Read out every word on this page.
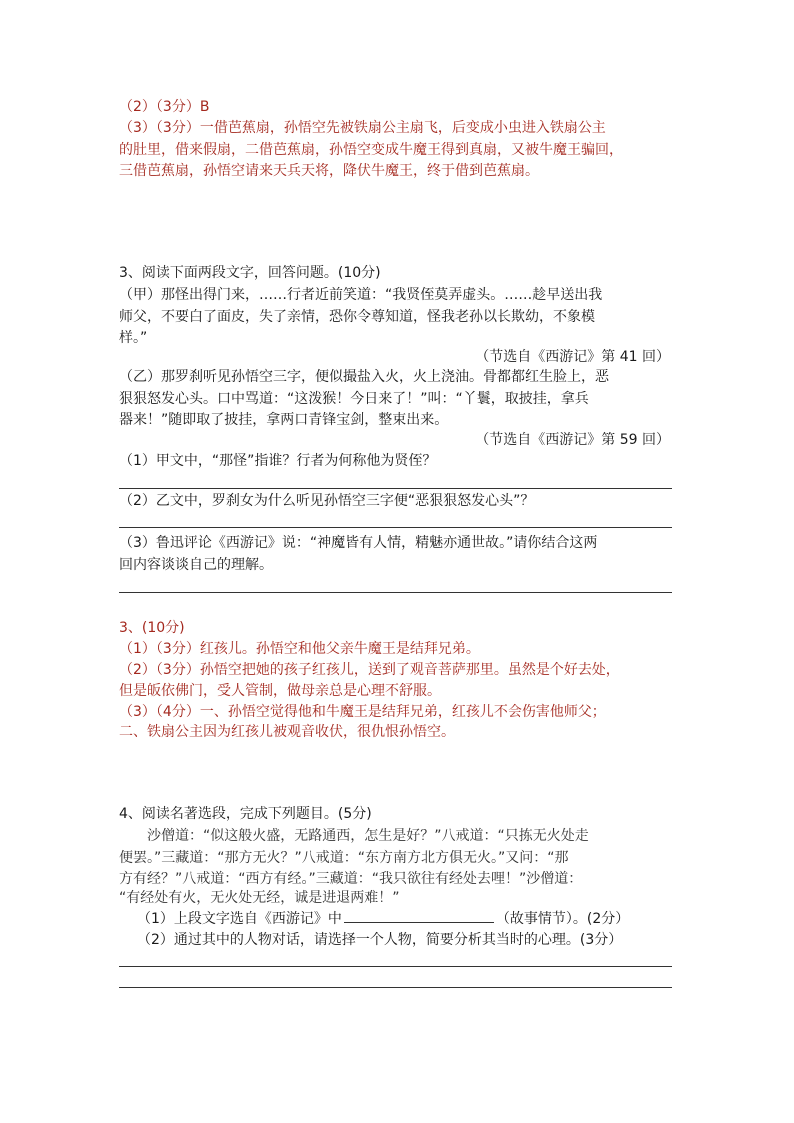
（2）（3分）B
（3）（3分）一借芭蕉扇，孙悟空先被铁扇公主扇飞，后变成小虫进入铁扇公主
的肚里，借来假扇，二借芭蕉扇，孙悟空变成牛魔王得到真扇，又被牛魔王骗回，
三借芭蕉扇，孙悟空请来天兵天将，降伏牛魔王，终于借到芭蕉扇。
3、阅读下面两段文字，回答问题。(10分)
（甲）那怪出得门来，……行者近前笑道：“我贤侄莫弄虚头。……趁早送出我
师父，不要白了面皮，失了亲情，恐你令尊知道，怪我老孙以长欺幼，不象模
样。”
（节选自《西游记》第 41 回）
（乙）那罗刹听见孙悟空三字，便似撮盐入火，火上浇油。骨都都红生脸上，恶
狠狠怒发心头。口中骂道：“这泼猴！今日来了！”叫：“丫鬟，取披挂，拿兵
器来！”随即取了披挂，拿两口青锋宝剑，整束出来。
（节选自《西游记》第 59 回）
（1）甲文中，“那怪”指谁？行者为何称他为贤侄？
（2）乙文中，罗刹女为什么听见孙悟空三字便“恶狠狠怒发心头”？
（3）鲁迅评论《西游记》说：“神魔皆有人情，精魅亦通世故。”请你结合这两
回内容谈谈自己的理解。
3、(10分)
（1）（3分）红孩儿。孙悟空和他父亲牛魔王是结拜兄弟。
（2）（3分）孙悟空把她的孩子红孩儿，送到了观音菩萨那里。虽然是个好去处，
但是皈依佛门，受人管制，做母亲总是心理不舒服。
（3）（4分）一、孙悟空觉得他和牛魔王是结拜兄弟，红孩儿不会伤害他师父；
二、铁扇公主因为红孩儿被观音收伏，很仇恨孙悟空。
4、阅读名著选段，完成下列题目。(5分)
沙僧道：“似这般火盛，无路通西，怎生是好？”八戒道：“只拣无火处走
便罢。”三藏道：“那方无火？”八戒道：“东方南方北方俱无火。”又问：“那
方有经？”八戒道：“西方有经。”三藏道：“我只欲往有经处去哩！”沙僧道：
“有经处有火，无火处无经，诚是进退两难！”
（1）上段文字选自《西游记》中	（故事情节）。(2分）
（2）通过其中的人物对话，请选择一个人物，简要分析其当时的心理。(3分）
